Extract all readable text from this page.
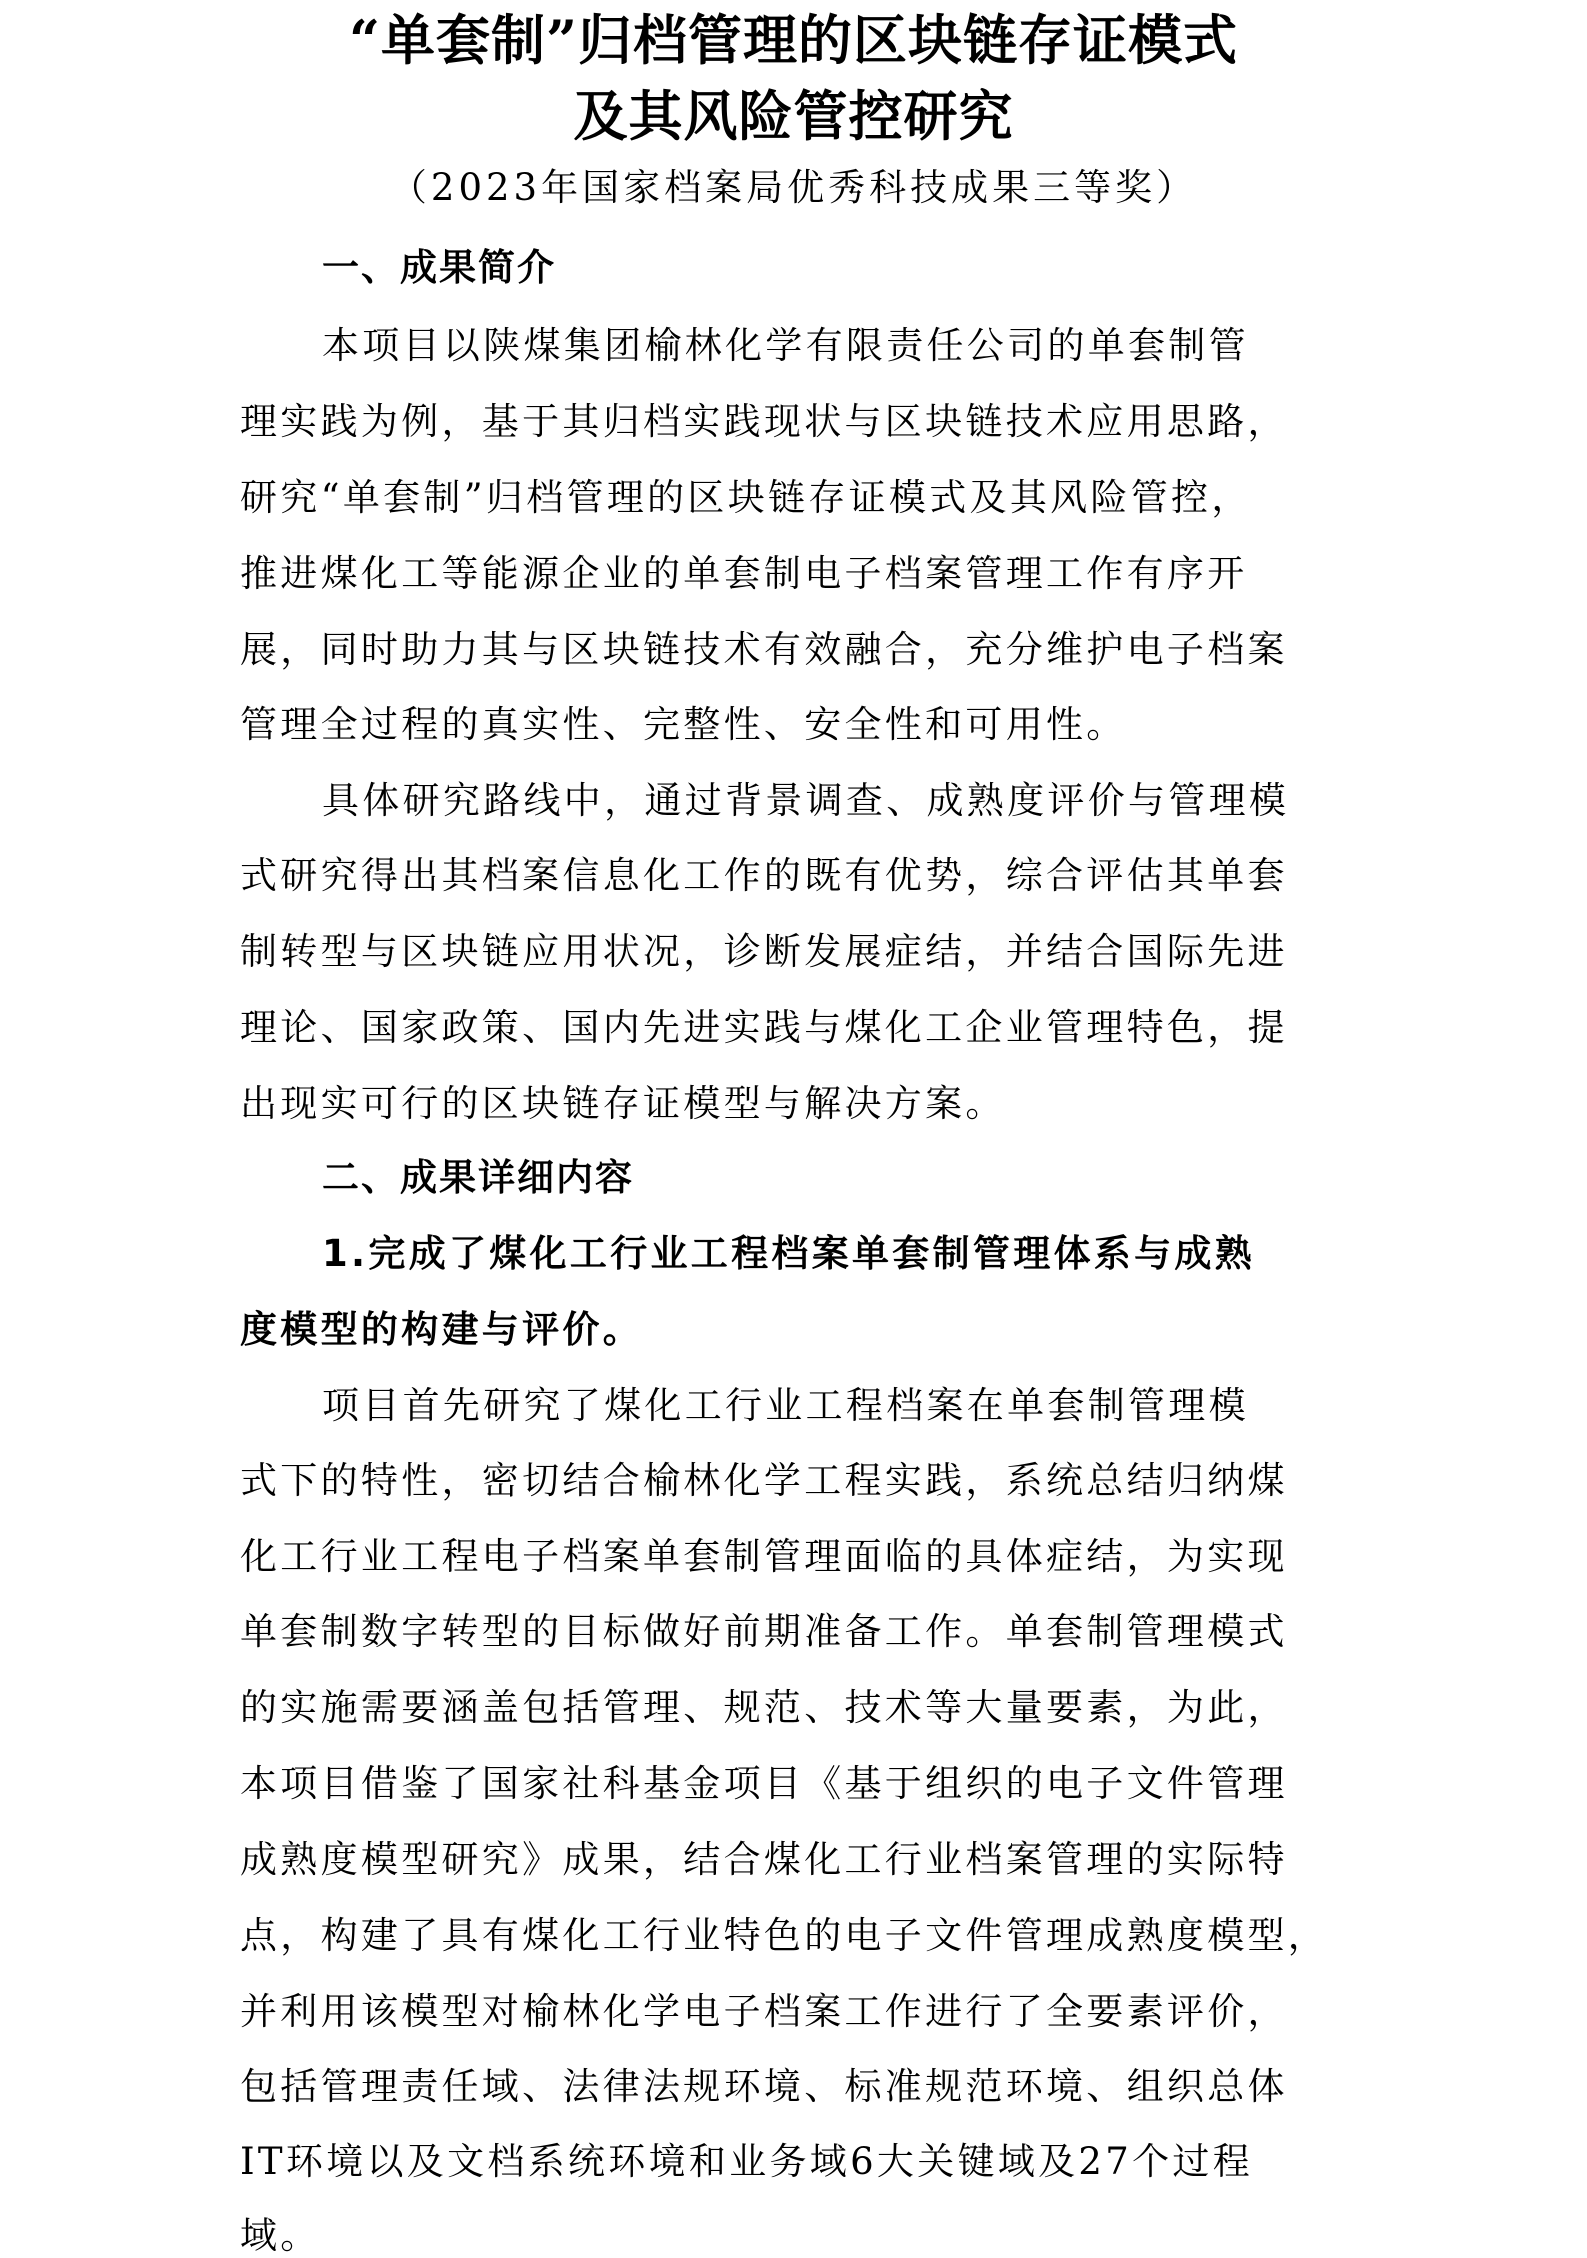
“单套制”归档管理的区块链存证模式
及其风险管控研究
（2023年国家档案局优秀科技成果三等奖）
一、成果简介
本项目以陕煤集团榆林化学有限责任公司的单套制管
理实践为例，基于其归档实践现状与区块链技术应用思路，
研究“单套制”归档管理的区块链存证模式及其风险管控，
推进煤化工等能源企业的单套制电子档案管理工作有序开
展，同时助力其与区块链技术有效融合，充分维护电子档案
管理全过程的真实性、完整性、安全性和可用性。
具体研究路线中，通过背景调查、成熟度评价与管理模
式研究得出其档案信息化工作的既有优势，综合评估其单套
制转型与区块链应用状况，诊断发展症结，并结合国际先进
理论、国家政策、国内先进实践与煤化工企业管理特色，提
出现实可行的区块链存证模型与解决方案。
二、成果详细内容
1.完成了煤化工行业工程档案单套制管理体系与成熟
度模型的构建与评价。
项目首先研究了煤化工行业工程档案在单套制管理模
式下的特性，密切结合榆林化学工程实践，系统总结归纳煤
化工行业工程电子档案单套制管理面临的具体症结，为实现
单套制数字转型的目标做好前期准备工作。单套制管理模式
的实施需要涵盖包括管理、规范、技术等大量要素，为此，
本项目借鉴了国家社科基金项目《基于组织的电子文件管理
成熟度模型研究》成果，结合煤化工行业档案管理的实际特
点，构建了具有煤化工行业特色的电子文件管理成熟度模型，
并利用该模型对榆林化学电子档案工作进行了全要素评价，
包括管理责任域、法律法规环境、标准规范环境、组织总体
IT环境以及文档系统环境和业务域6大关键域及27个过程
域。
